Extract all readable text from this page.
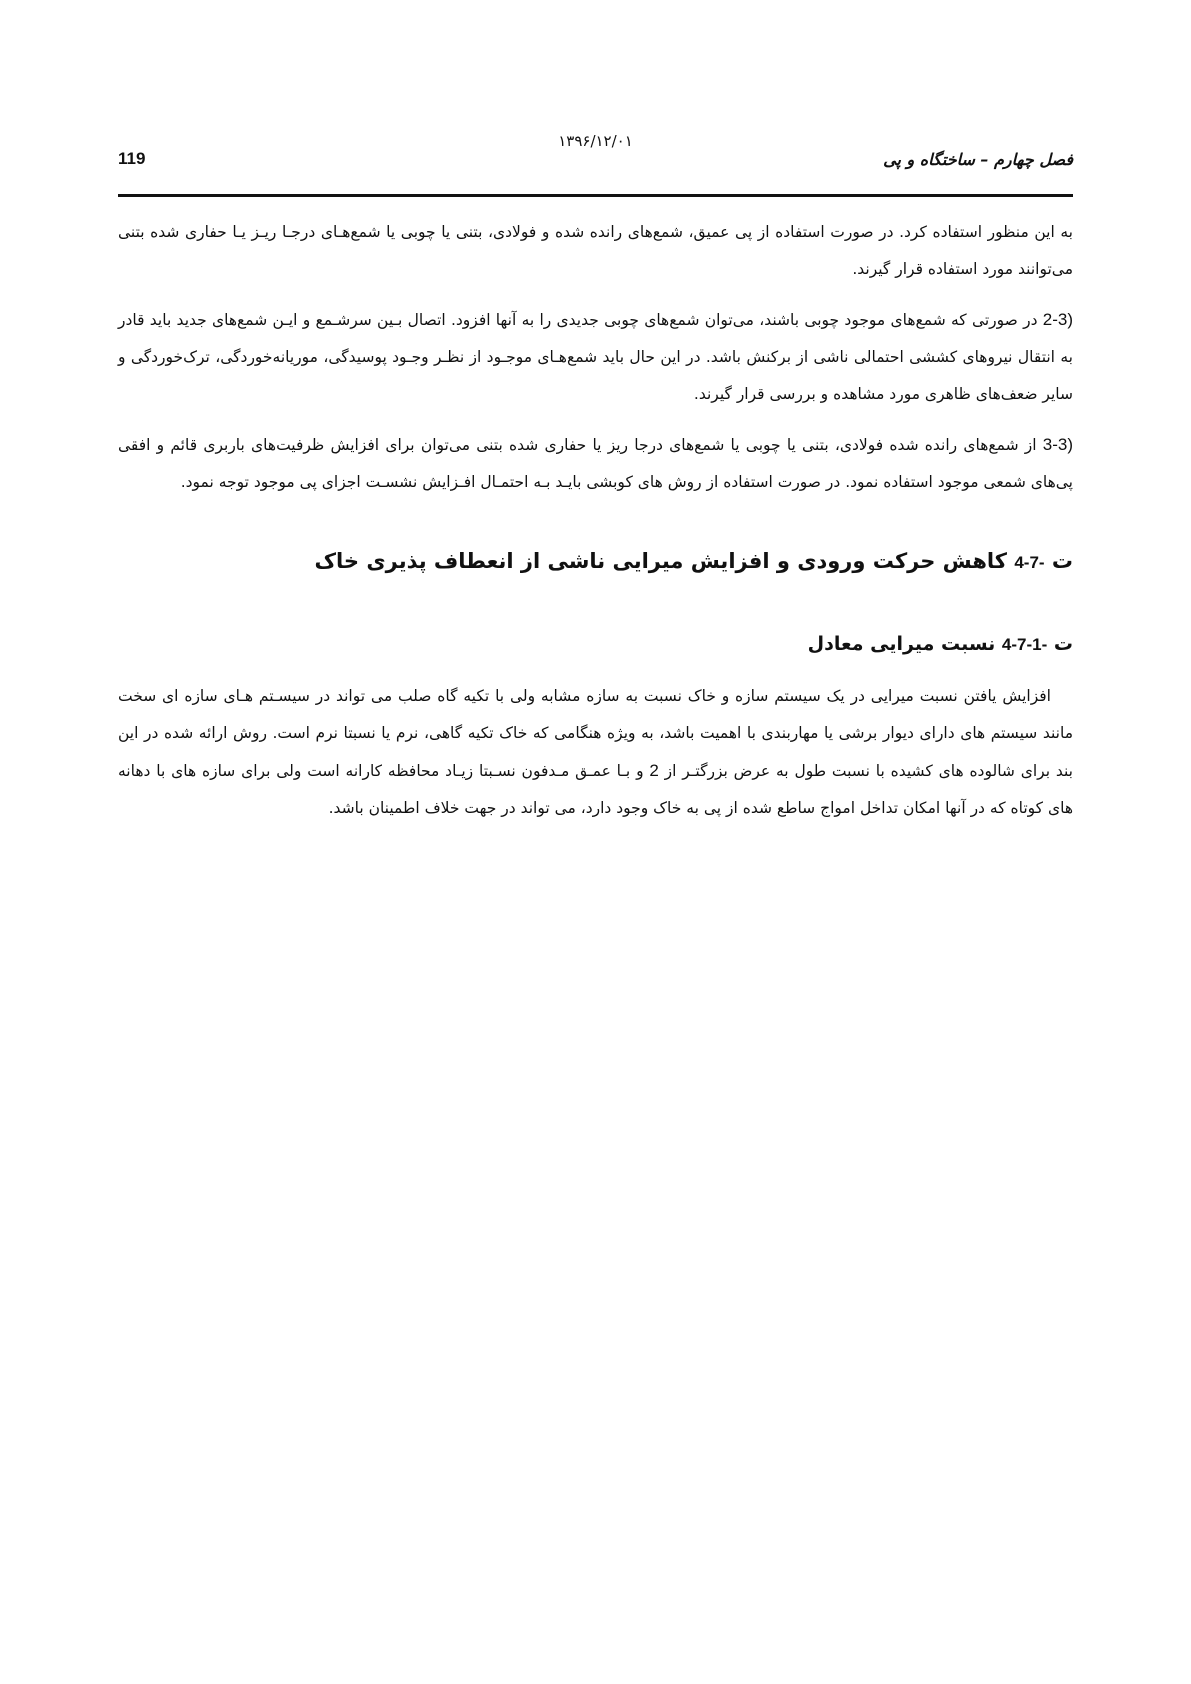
۱۳۹۶/۱۲/۰۱
119	فصل چهارم – ساختگاه و پی

به این منظور استفاده کرد. در صورت استفاده از پی عمیق، شمع‌های رانده شده و فولادی، بتنی یا چوبی یا شمع‌هـای درجـا ریـز یـا حفاری شده بتنی می‌توانند مورد استفاده قرار گیرند.

2-3) در صورتی که شمع‌های موجود چوبی باشند، می‌توان شمع‌های چوبی جدیدی را به آنها افزود. اتصال بـین سرشـمع و ایـن شمع‌های جدید باید قادر به انتقال نیروهای کششی احتمالی ناشی از برکنش باشد. در این حال باید شمع‌هـای موجـود از نظـر وجـود پوسیدگی، موریانه‌خوردگی، ترک‌خوردگی و سایر ضعف‌های ظاهری مورد مشاهده و بررسی قرار گیرند.

3-3) از شمع‌های رانده شده فولادی، بتنی یا چوبی یا شمع‌های درجا ریز یا حفاری شده بتنی می‌توان برای افزایش ظرفیت‌های باربری قائم و افقی پی‌های شمعی موجود استفاده نمود. در صورت استفاده از روش های کوبشی بایـد بـه احتمـال افـزایش نشسـت اجزای پی موجود توجه نمود.

ت 4-7- کاهش حرکت ورودی و افزایش میرایی ناشی از انعطاف پذیری خاک
ت 4-7-1- نسبت میرایی معادل

افزایش یافتن نسبت میرایی در یک سیستم سازه و خاک نسبت به سازه مشابه ولی با تکیه گاه صلب می تواند در سیسـتم هـای سازه ای سخت مانند سیستم های دارای دیوار برشی یا مهاربندی با اهمیت باشد، به ویژه هنگامی که خاک تکیه گاهی، نرم یا نسبتا نرم است. روش ارائه شده در این بند برای شالوده های کشیده با نسبت طول به عرض بزرگتـر از 2 و بـا عمـق مـدفون نسـبتا زیـاد محافظه کارانه است ولی برای سازه های با دهانه های کوتاه که در آنها امکان تداخل امواج ساطع شده از پی به خاک وجود دارد، می تواند در جهت خلاف اطمینان باشد.
